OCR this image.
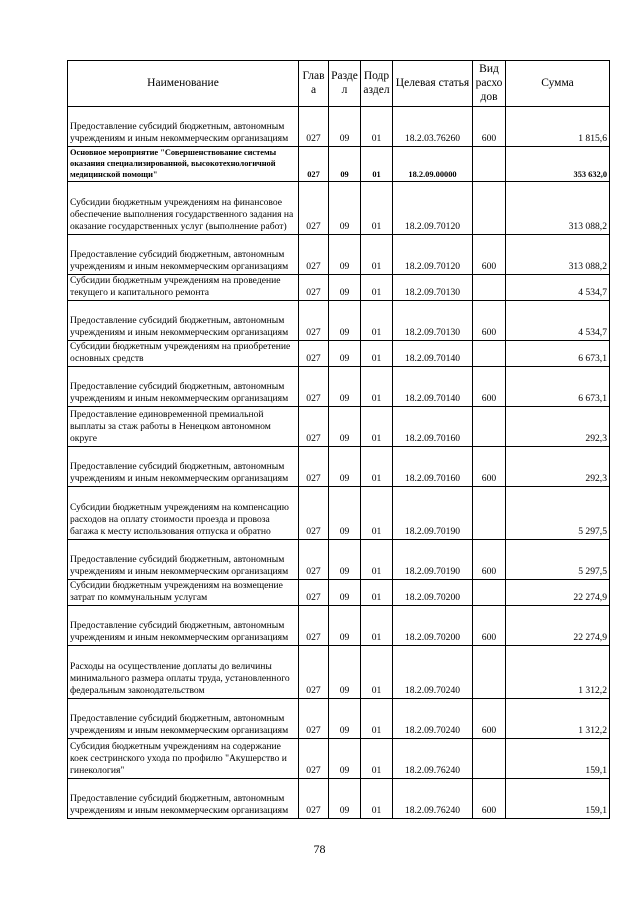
Наименование	Глав а	Разде л	Подр аздел	Целевая статья	Вид расхо дов	Сумма
Предоставление субсидий бюджетным, автономным учреждениям и иным некоммерческим организациям	027	09	01	18.2.03.76260	600	1 815,6
Основное мероприятие "Совершенствование системы оказания специализированной, высокотехнологичной медицинской помощи"	027	09	01	18.2.09.00000		353 632,0
Субсидии бюджетным учреждениям на финансовое обеспечение выполнения государственного задания на оказание государственных услуг (выполнение работ)	027	09	01	18.2.09.70120		313 088,2
Предоставление субсидий бюджетным, автономным учреждениям и иным некоммерческим организациям	027	09	01	18.2.09.70120	600	313 088,2
Субсидии бюджетным учреждениям на проведение текущего и капитального ремонта	027	09	01	18.2.09.70130		4 534,7
Предоставление субсидий бюджетным, автономным учреждениям и иным некоммерческим организациям	027	09	01	18.2.09.70130	600	4 534,7
Субсидии бюджетным учреждениям на приобретение основных средств	027	09	01	18.2.09.70140		6 673,1
Предоставление субсидий бюджетным, автономным учреждениям и иным некоммерческим организациям	027	09	01	18.2.09.70140	600	6 673,1
Предоставление единовременной премиальной выплаты за стаж работы в Ненецком автономном округе	027	09	01	18.2.09.70160		292,3
Предоставление субсидий бюджетным, автономным учреждениям и иным некоммерческим организациям	027	09	01	18.2.09.70160	600	292,3
Субсидии бюджетным учреждениям на компенсацию расходов на оплату стоимости проезда и провоза багажа к месту использования отпуска и обратно	027	09	01	18.2.09.70190		5 297,5
Предоставление субсидий бюджетным, автономным учреждениям и иным некоммерческим организациям	027	09	01	18.2.09.70190	600	5 297,5
Субсидии бюджетным учреждениям на возмещение затрат по коммунальным услугам	027	09	01	18.2.09.70200		22 274,9
Предоставление субсидий бюджетным, автономным учреждениям и иным некоммерческим организациям	027	09	01	18.2.09.70200	600	22 274,9
Расходы на осуществление доплаты до величины минимального размера оплаты труда, установленного федеральным законодательством	027	09	01	18.2.09.70240		1 312,2
Предоставление субсидий бюджетным, автономным учреждениям и иным некоммерческим организациям	027	09	01	18.2.09.70240	600	1 312,2
Субсидия бюджетным учреждениям на содержание коек сестринского ухода по профилю "Акушерство и гинекология"	027	09	01	18.2.09.76240		159,1
Предоставление субсидий бюджетным, автономным учреждениям и иным некоммерческим организациям	027	09	01	18.2.09.76240	600	159,1
78
